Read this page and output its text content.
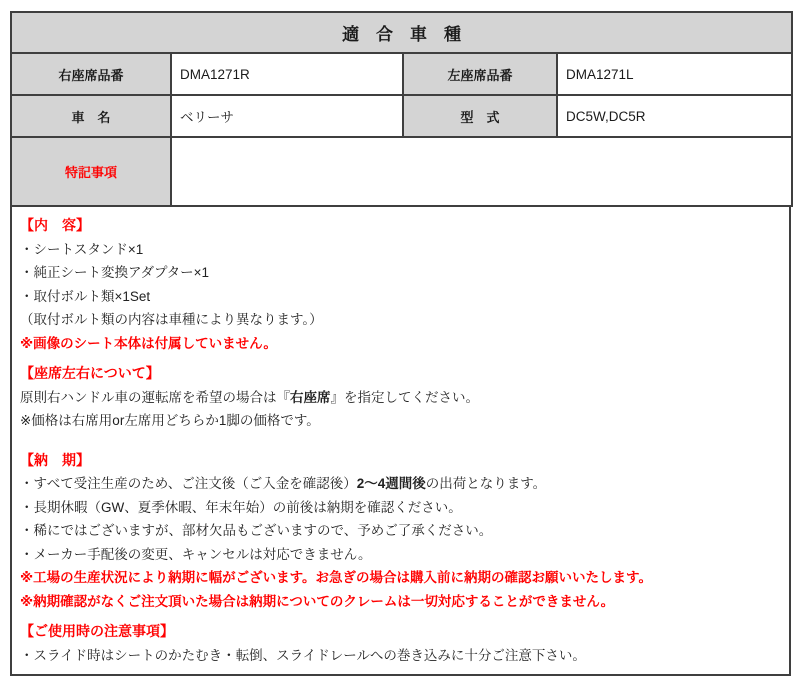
適　合　車　種			
右座席品番	DMA1271R	左座席品番	DMA1271L
車　名	ベリーサ	型　式	DC5W,DC5R
特記事項			
【内　容】
・シートスタンド×1
・純正シート変換アダプター×1
・取付ボルト類×1Set
（取付ボルト類の内容は車種により異なります。）
※画像のシート本体は付属していません。
【座席左右について】
原則右ハンドル車の運転席を希望の場合は『右座席』を指定してください。
※価格は右席用or左席用どちらか1脚の価格です。
【納　期】
・すべて受注生産のため、ご注文後（ご入金を確認後）2～4週間後の出荷となります。
・長期休暇（GW、夏季休暇、年末年始）の前後は納期を確認ください。
・稀にではございますが、部材欠品もございますので、予めご了承ください。
・メーカー手配後の変更、キャンセルは対応できません。
※工場の生産状況により納期に幅がございます。お急ぎの場合は購入前に納期の確認お願いいたします。
※納期確認がなくご注文頂いた場合は納期についてのクレームは一切対応することができません。
【ご使用時の注意事項】
・スライド時はシートのかたむき・転倒、スライドレールへの巻き込みに十分ご注意下さい。
